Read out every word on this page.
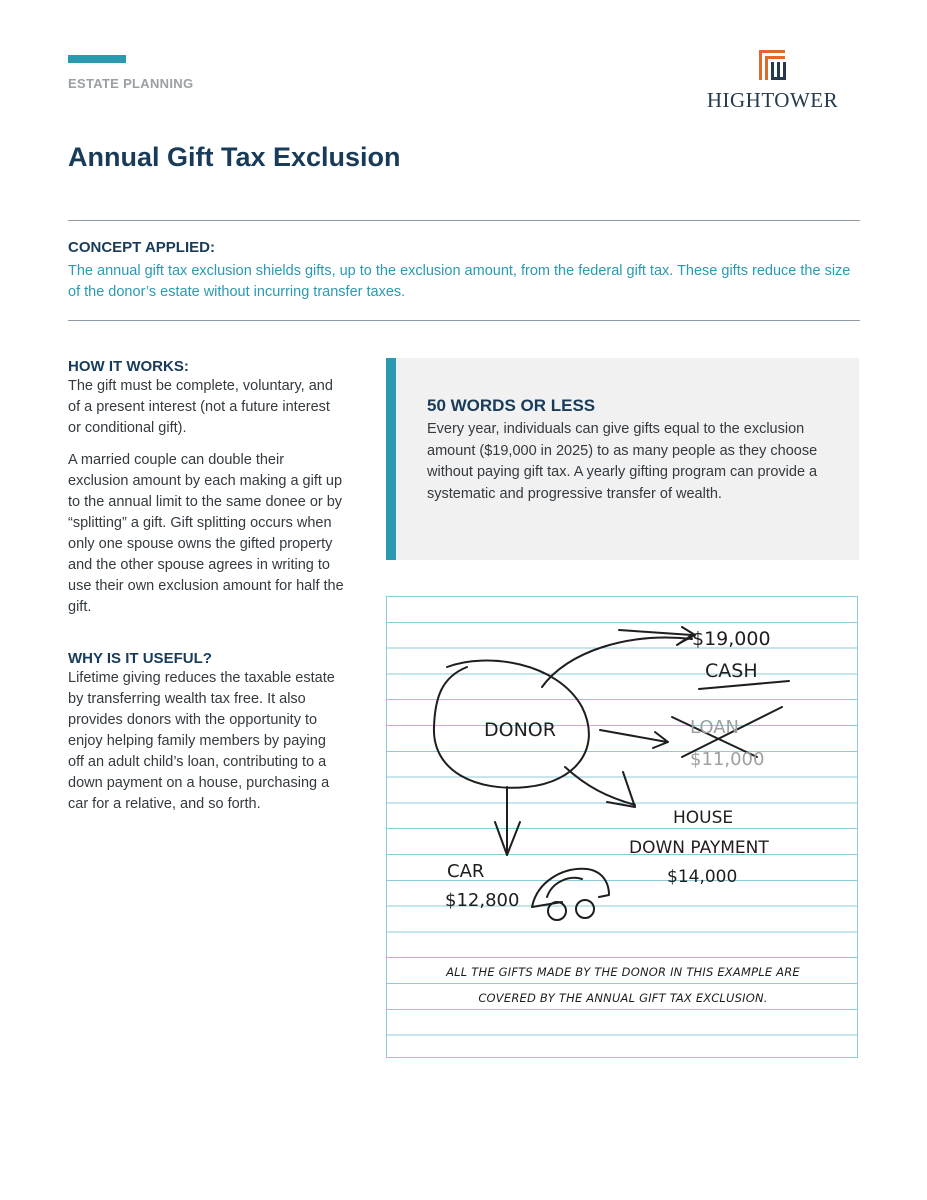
ESTATE PLANNING
HIGHTOWER
Annual Gift Tax Exclusion
CONCEPT APPLIED:
The annual gift tax exclusion shields gifts, up to the exclusion amount, from the federal gift tax. These gifts reduce the size of the donor’s estate without incurring transfer taxes.
HOW IT WORKS:

The gift must be complete, voluntary, and of a present interest (not a future interest or conditional gift).

A married couple can double their exclusion amount by each making a gift up to the annual limit to the same donee or by “splitting” a gift. Gift splitting occurs when only one spouse owns the gifted property and the other spouse agrees in writing to use their own exclusion amount for half the gift.

WHY IS IT USEFUL?

Lifetime giving reduces the taxable estate by transferring wealth tax free. It also provides donors with the opportunity to enjoy helping family members by paying off an adult child’s loan, contributing to a down payment on a house, purchasing a car for a relative, and so forth.

50 WORDS OR LESS

Every year, individuals can give gifts equal to the exclusion amount ($19,000 in 2025) to as many people as they choose without paying gift tax. A yearly gifting program can provide a systematic and progressive transfer of wealth.

DONOR
$19,000
CASH
LOAN
$11,000
HOUSE
DOWN PAYMENT
$14,000
CAR
$12,800
ALL THE GIFTS MADE BY THE DONOR IN THIS EXAMPLE ARE
COVERED BY THE ANNUAL GIFT TAX EXCLUSION.
